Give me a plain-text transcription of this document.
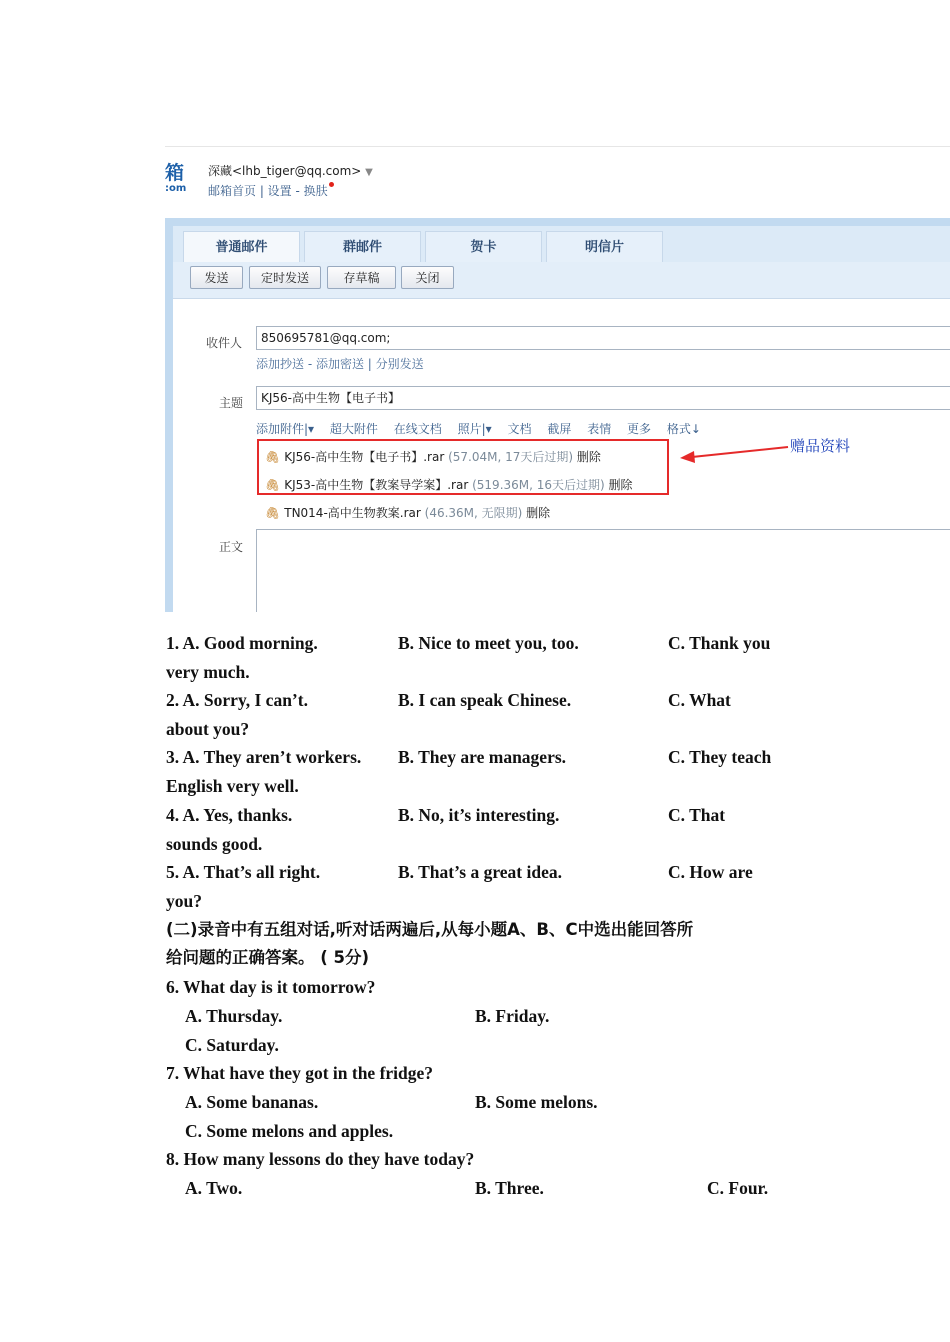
箱
:om
深藏<lhb_tiger@qq.com> ▼
邮箱首页 | 设置 - 换肤
普通邮件	群邮件	贺卡	明信片
发送	定时发送	存草稿	关闭
收件人	850695781@qq.com;
添加抄送 - 添加密送 | 分别发送
主题	KJ56-高中生物【电子书】
添加附件|▾ 超大附件 在线文档 照片|▾ 文档 截屏 表情 更多 格式↓
🖇 KJ56-高中生物【电子书】.rar (57.04M, 17天后过期) 删除
🖇 KJ53-高中生物【教案导学案】.rar (519.36M, 16天后过期) 删除
🖇 TN014-高中生物教案.rar (46.36M, 无限期) 删除
赠品资料
正文
1. A. Good morning.	B. Nice to meet you, too.	C. Thank you
very much.
2. A. Sorry, I can’t.	B. I can speak Chinese.	C. What
about you?
3. A. They aren’t workers. B. They are managers.	C. They teach
English very well.
4. A. Yes, thanks.	B. No, it’s interesting.	C. That
sounds good.
5. A. That’s all right.	B. That’s a great idea.	C. How are
you?
(二)录音中有五组对话,听对话两遍后,从每小题A、B、C中选出能回答所
给问题的正确答案。 ( 5分)
6. What day is it tomorrow?
A. Thursday.	B. Friday.
C. Saturday.
7. What have they got in the fridge?
A. Some bananas.	B. Some melons.
C. Some melons and apples.
8. How many lessons do they have today?
A. Two.	B. Three.	C. Four.
